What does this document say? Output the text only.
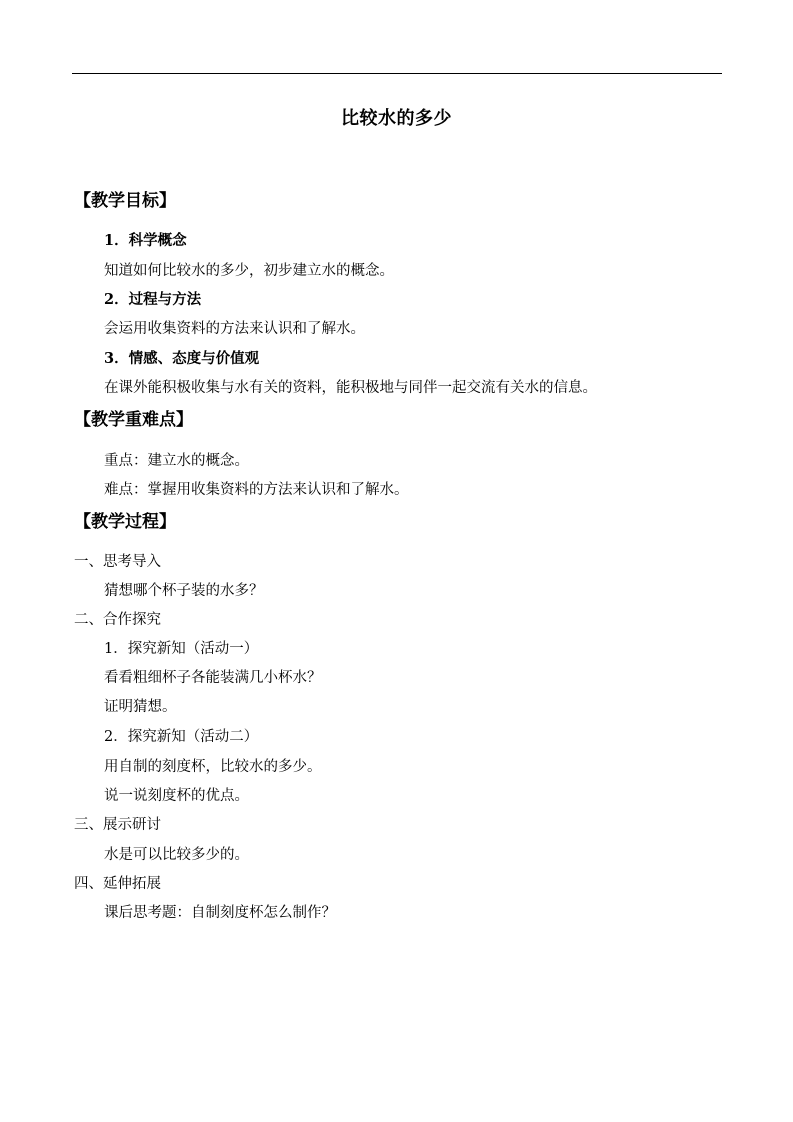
比较水的多少
【教学目标】
1．科学概念
知道如何比较水的多少，初步建立水的概念。
2．过程与方法
会运用收集资料的方法来认识和了解水。
3．情感、态度与价值观
在课外能积极收集与水有关的资料，能积极地与同伴一起交流有关水的信息。
【教学重难点】
重点：建立水的概念。
难点：掌握用收集资料的方法来认识和了解水。
【教学过程】
一、思考导入
猜想哪个杯子装的水多？
二、合作探究
1．探究新知（活动一）
看看粗细杯子各能装满几小杯水？
证明猜想。
2．探究新知（活动二）
用自制的刻度杯，比较水的多少。
说一说刻度杯的优点。
三、展示研讨
水是可以比较多少的。
四、延伸拓展
课后思考题：自制刻度杯怎么制作？
